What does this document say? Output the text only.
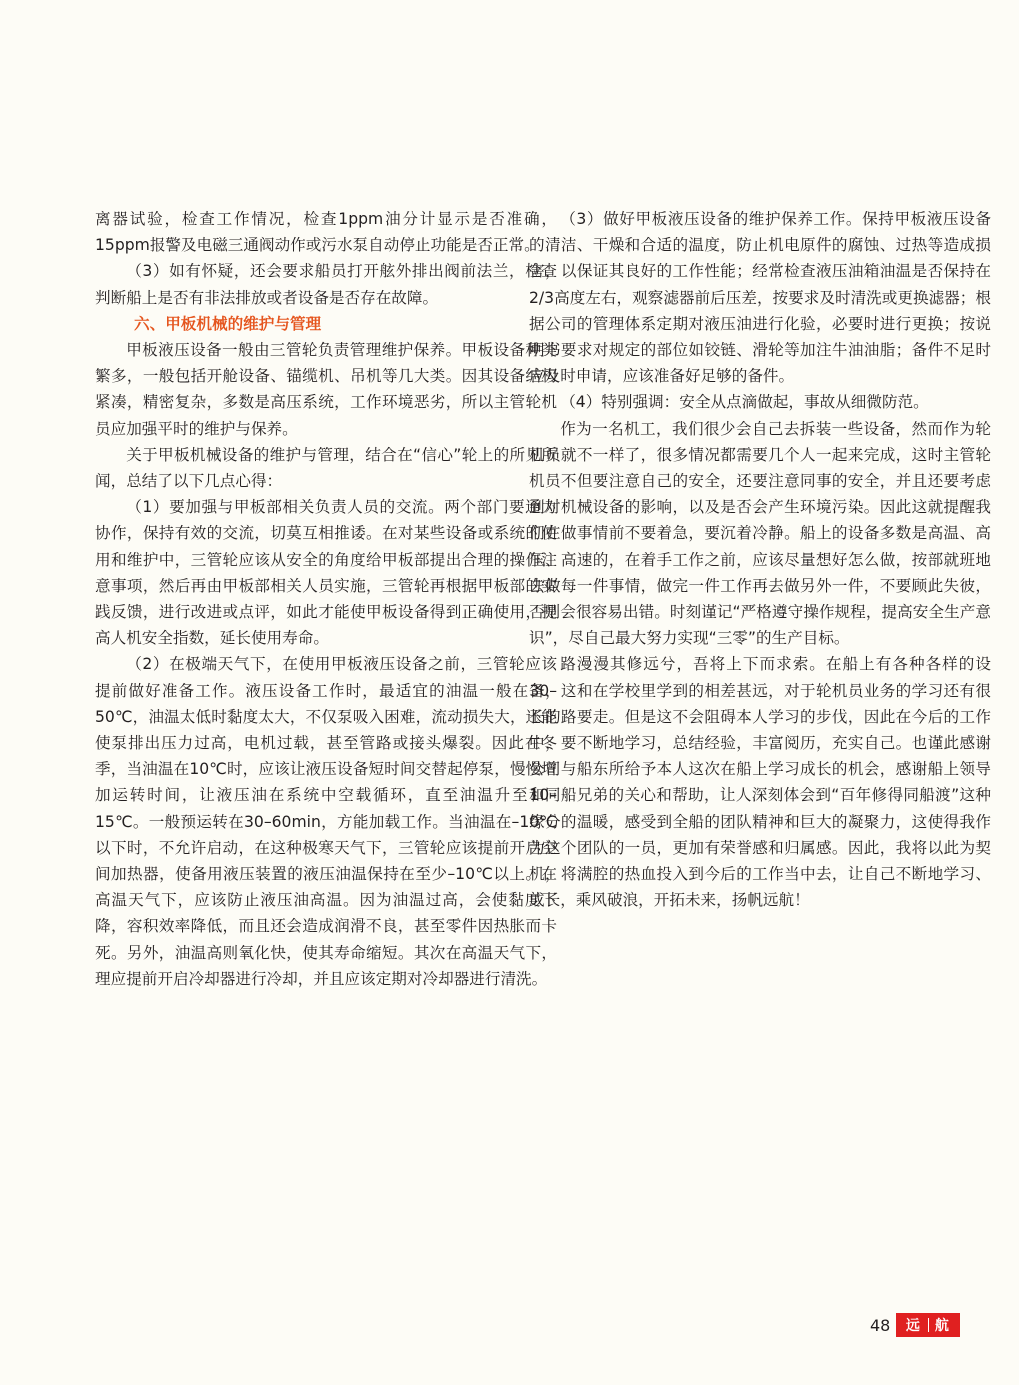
离器试验，检查工作情况，检查1ppm油分计显示是否准确，15ppm报警及电磁三通阀动作或污水泵自动停止功能是否正常。

（3）如有怀疑，还会要求船员打开舷外排出阀前法兰，检查判断船上是否有非法排放或者设备是否存在故障。

六、甲板机械的维护与管理

甲板液压设备一般由三管轮负责管理维护保养。甲板设备种类繁多，一般包括开舱设备、锚缆机、吊机等几大类。因其设备结构紧凑，精密复杂，多数是高压系统，工作环境恶劣，所以主管轮机员应加强平时的维护与保养。

关于甲板机械设备的维护与管理，结合在“信心”轮上的所见所闻，总结了以下几点心得：

（1）要加强与甲板部相关负责人员的交流。两个部门要通力协作，保持有效的交流，切莫互相推诿。在对某些设备或系统的使用和维护中，三管轮应该从安全的角度给甲板部提出合理的操作注意事项，然后再由甲板部相关人员实施，三管轮再根据甲板部的实践反馈，进行改进或点评，如此才能使甲板设备得到正确使用，提高人机安全指数，延长使用寿命。

（2）在极端天气下，在使用甲板液压设备之前，三管轮应该提前做好准备工作。液压设备工作时，最适宜的油温一般在30–50℃，油温太低时黏度太大，不仅泵吸入困难，流动损失大，还能使泵排出压力过高，电机过载，甚至管路或接头爆裂。因此在冬季，当油温在10℃时，应该让液压设备短时间交替起停泵，慢慢增加运转时间，让液压油在系统中空载循环，直至油温升至10–15℃。一般预运转在30–60min，方能加载工作。当油温在–10℃以下时，不允许启动，在这种极寒天气下，三管轮应该提前开启空间加热器，使备用液压装置的液压油温保持在至少–10℃以上。在高温天气下，应该防止液压油高温。因为油温过高，会使黏度下降，容积效率降低，而且还会造成润滑不良，甚至零件因热胀而卡死。另外，油温高则氧化快，使其寿命缩短。其次在高温天气下，理应提前开启冷却器进行冷却，并且应该定期对冷却器进行清洗。

（3）做好甲板液压设备的维护保养工作。保持甲板液压设备的清洁、干燥和合适的温度，防止机电原件的腐蚀、过热等造成损害，以保证其良好的工作性能；经常检查液压油箱油温是否保持在2/3高度左右，观察滤器前后压差，按要求及时清洗或更换滤器；根据公司的管理体系定期对液压油进行化验，必要时进行更换；按说明书要求对规定的部位如铰链、滑轮等加注牛油油脂；备件不足时应及时申请，应该准备好足够的备件。

（4）特别强调：安全从点滴做起，事故从细微防范。

作为一名机工，我们很少会自己去拆装一些设备，然而作为轮机员就不一样了，很多情况都需要几个人一起来完成，这时主管轮机员不但要注意自己的安全，还要注意同事的安全，并且还要考虑到对机械设备的影响，以及是否会产生环境污染。因此这就提醒我们在做事情前不要着急，要沉着冷静。船上的设备多数是高温、高压、高速的，在着手工作之前，应该尽量想好怎么做，按部就班地去做每一件事情，做完一件工作再去做另外一件，不要顾此失彼，否则会很容易出错。时刻谨记“严格遵守操作规程，提高安全生产意识”，尽自己最大努力实现“三零”的生产目标。

路漫漫其修远兮，吾将上下而求索。在船上有各种各样的设备，这和在学校里学到的相差甚远，对于轮机员业务的学习还有很长的路要走。但是这不会阻碍本人学习的步伐，因此在今后的工作中，要不断地学习，总结经验，丰富阅历，充实自己。也谨此感谢公司与船东所给予本人这次在船上学习成长的机会，感谢船上领导和同船兄弟的关心和帮助，让人深刻体会到“百年修得同船渡”这种缘分的温暖，感受到全船的团队精神和巨大的凝聚力，这使得我作为这个团队的一员，更加有荣誉感和归属感。因此，我将以此为契机，将满腔的热血投入到今后的工作当中去，让自己不断地学习、成长，乘风破浪，开拓未来，扬帆远航！

48 远 航
